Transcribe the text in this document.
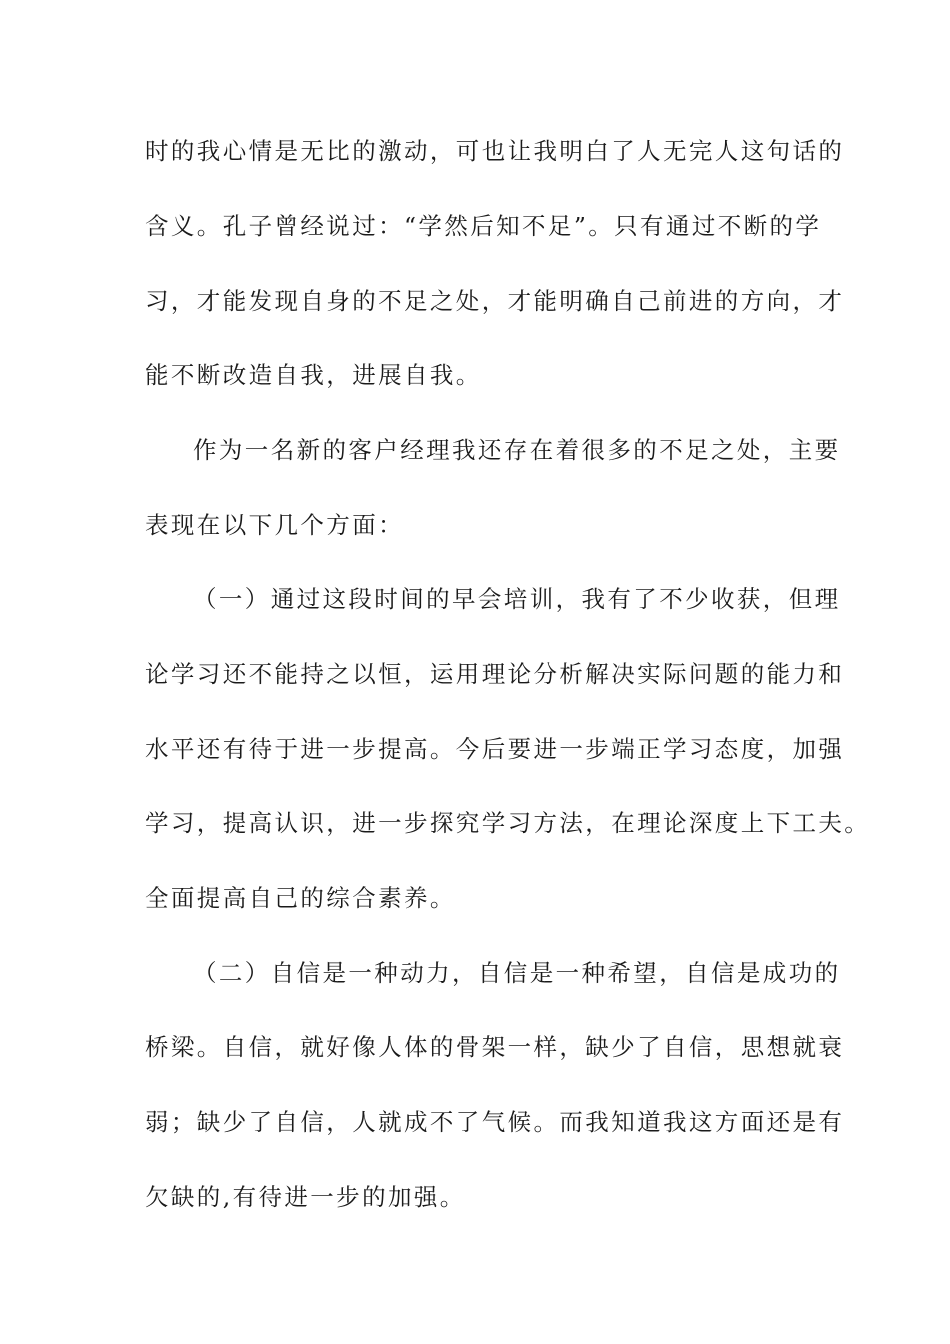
时的我心情是无比的激动，可也让我明白了人无完人这句话的
含义。孔子曾经说过：“学然后知不足”。只有通过不断的学
习，才能发现自身的不足之处，才能明确自己前进的方向，才
能不断改造自我，进展自我。
作为一名新的客户经理我还存在着很多的不足之处，主要
表现在以下几个方面：
（一）通过这段时间的早会培训，我有了不少收获，但理
论学习还不能持之以恒，运用理论分析解决实际问题的能力和
水平还有待于进一步提高。今后要进一步端正学习态度，加强
学习，提高认识，进一步探究学习方法，在理论深度上下工夫。
全面提高自己的综合素养。
（二）自信是一种动力，自信是一种希望，自信是成功的
桥梁。自信，就好像人体的骨架一样，缺少了自信，思想就衰
弱；缺少了自信，人就成不了气候。而我知道我这方面还是有
欠缺的,有待进一步的加强。
